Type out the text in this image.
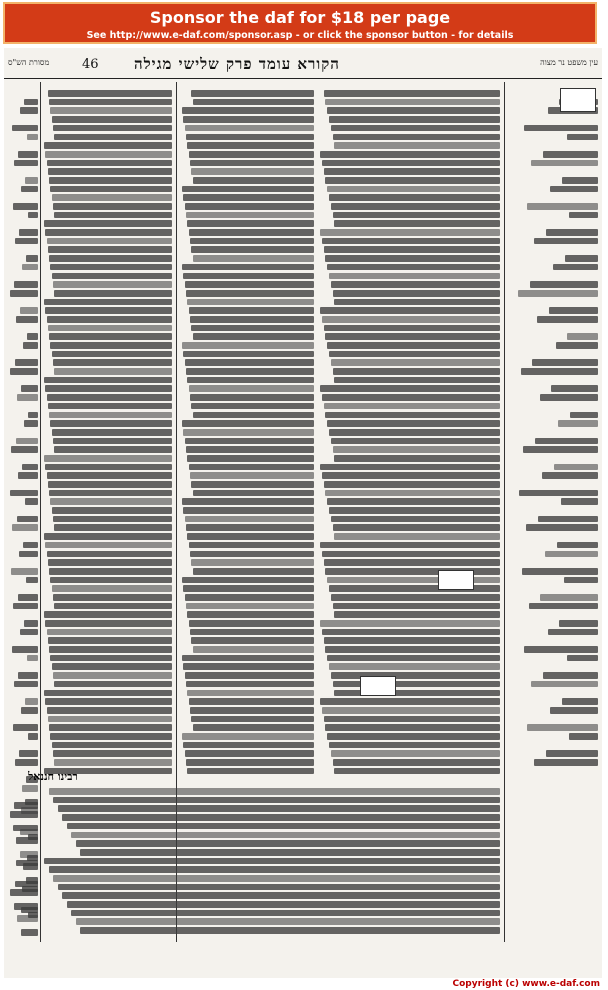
Sponsor the daf for $18 per page
See http://www.e-daf.com/sponsor.asp - or click the sponsor button - for details
מסורת הש"ס	46 הקורא עומד פרק שלישי מגילה	עין משפט נר מצוה
רבינו חננאל
Copyright (c) www.e-daf.com
